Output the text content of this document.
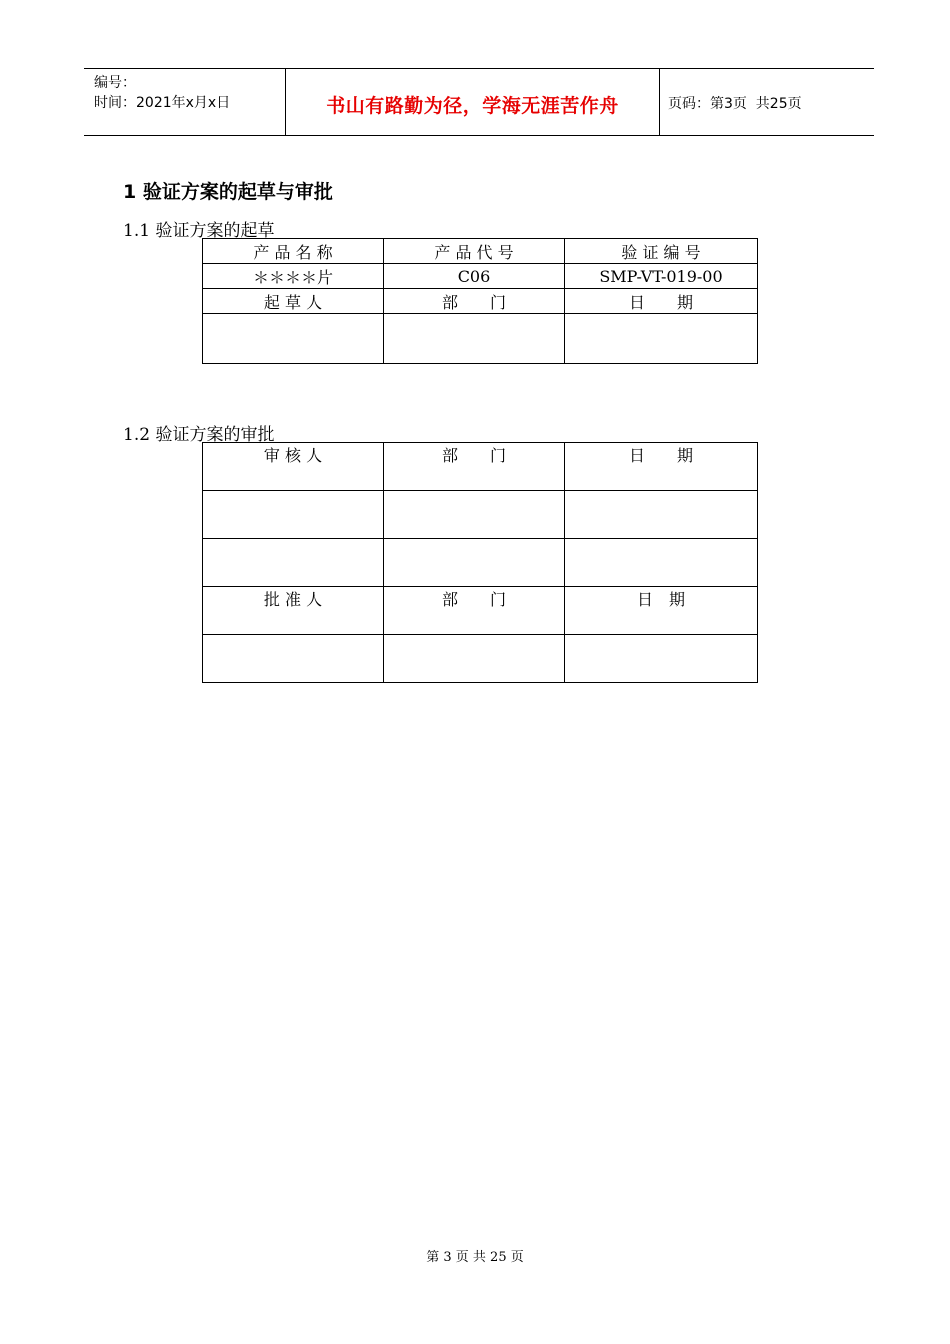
编号：
时间：2021年x月x日	书山有路勤为径，学海无涯苦作舟	页码：第3页  共25页
1 验证方案的起草与审批
1.1 验证方案的起草
产 品 名 称	产 品 代 号	验 证 编 号
＊＊＊＊片	C06	SMP-VT-019-00
起 草 人	部　　门	日　　期

1.2 验证方案的审批
审 核 人	部　　门	日　　期

批 准 人	部　　门	日　期

第 3 页 共 25 页
